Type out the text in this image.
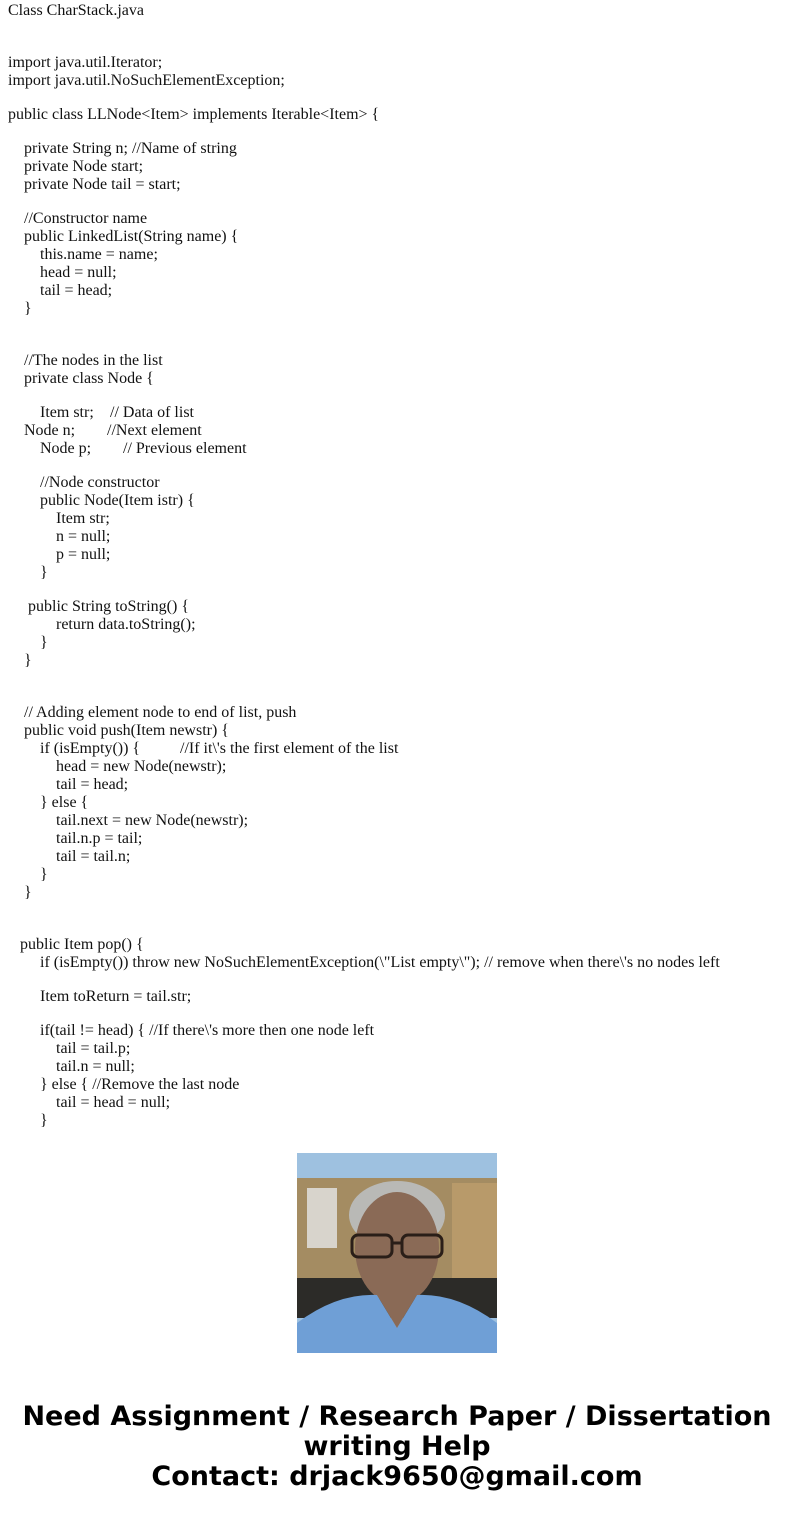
Class CharStack.java
import java.util.Iterator;
import java.util.NoSuchElementException;
public class LLNode<Item> implements Iterable<Item> {
private String n; //Name of string
private Node start;
private Node tail = start;
//Constructor name
public LinkedList(String name) {
this.name = name;
head = null;
tail = head;
}
//The nodes in the list
private class Node {
Item str; // Data of list
Node n; //Next element
Node p; // Previous element
//Node constructor
public Node(Item istr) {
Item str;
n = null;
p = null;
}
public String toString() {
return data.toString();
}
}
// Adding element node to end of list, push
public void push(Item newstr) {
if (isEmpty()) { //If it\'s the first element of the list
head = new Node(newstr);
tail = head;
} else {
tail.next = new Node(newstr);
tail.n.p = tail;
tail = tail.n;
}
}
public Item pop() {
if (isEmpty()) throw new NoSuchElementException(\"List empty\"); // remove when there\'s no nodes left
Item toReturn = tail.str;
if(tail != head) { //If there\'s more then one node left
tail = tail.p;
tail.n = null;
} else { //Remove the last node
tail = head = null;
}
Need Assignment / Research Paper / Dissertation
writing Help
Contact: drjack9650@gmail.com
